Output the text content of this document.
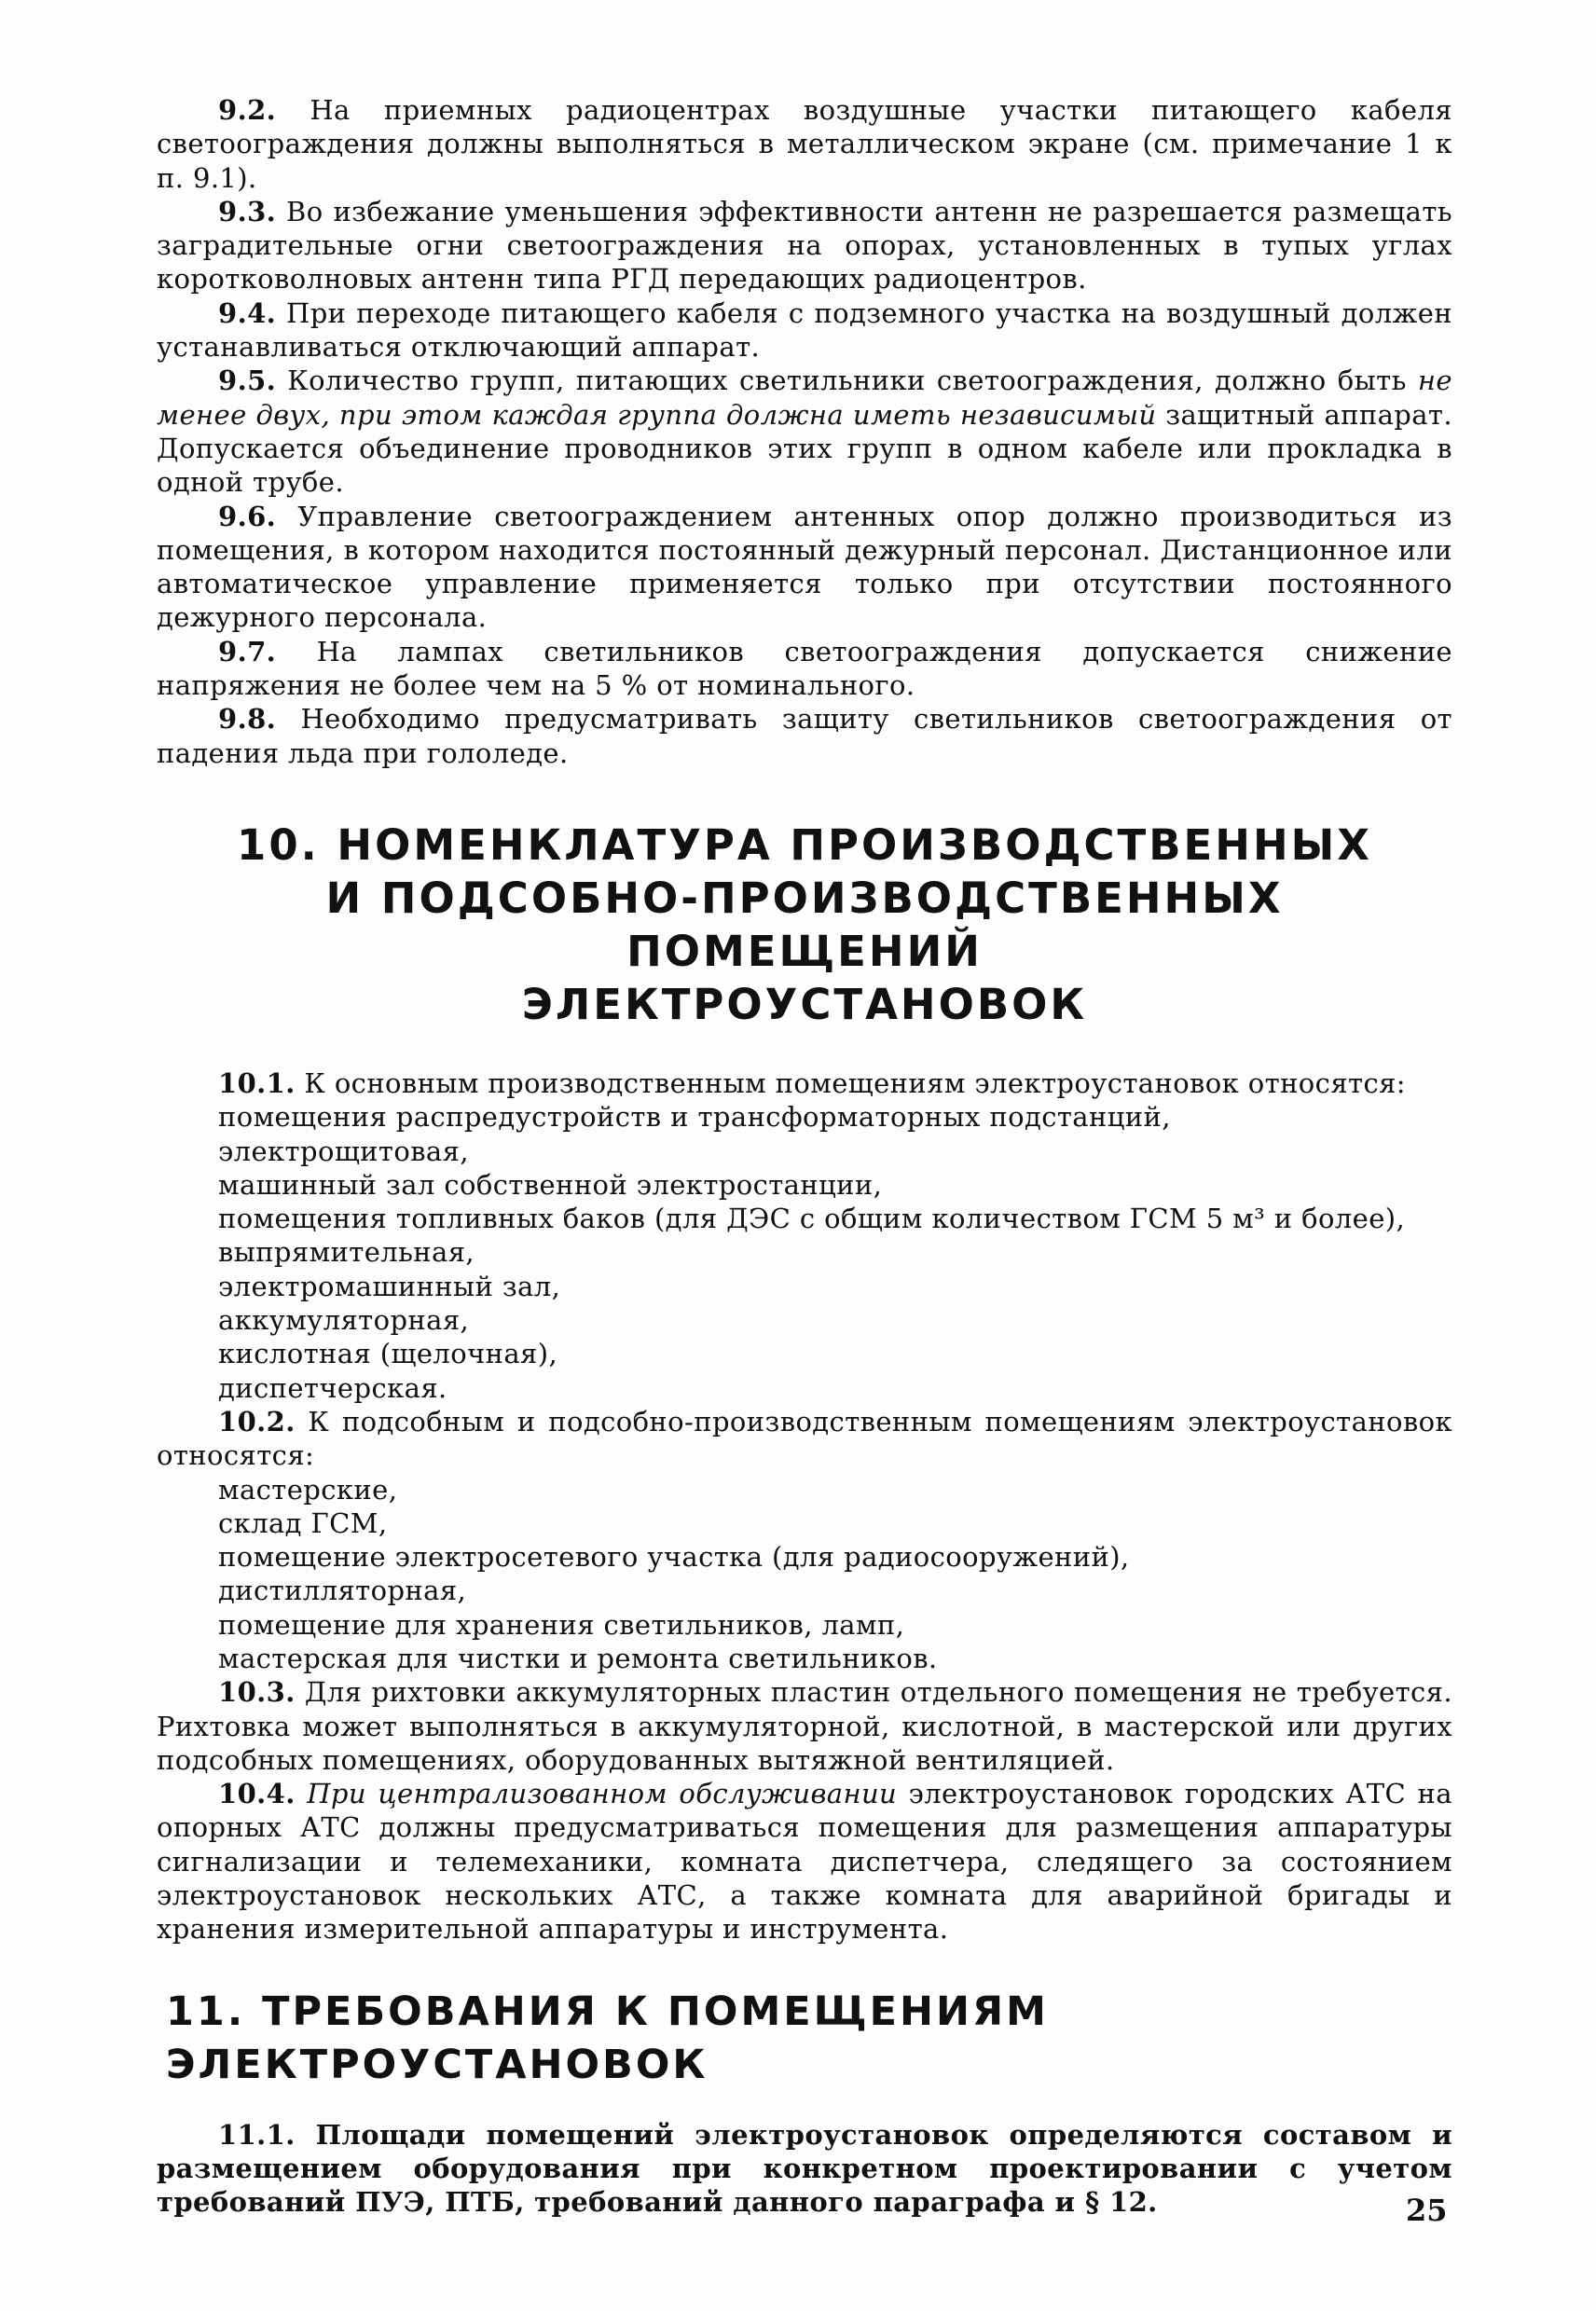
9.2. На приемных радиоцентрах воздушные участки питающего кабеля светоограждения должны выполняться в металлическом экране (см. примечание 1 к п. 9.1).

9.3. Во избежание уменьшения эффективности антенн не разрешается размещать заградительные огни светоограждения на опорах, установленных в тупых углах коротковолновых антенн типа РГД передающих радиоцентров.

9.4. При переходе питающего кабеля с подземного участка на воздушный должен устанавливаться отключающий аппарат.

9.5. Количество групп, питающих светильники светоограждения, должно быть не менее двух, при этом каждая группа должна иметь независимый защитный аппарат. Допускается объединение проводников этих групп в одном кабеле или прокладка в одной трубе.

9.6. Управление светоограждением антенных опор должно производиться из помещения, в котором находится постоянный дежурный персонал. Дистанционное или автоматическое управление применяется только при отсутствии постоянного дежурного персонала.

9.7. На лампах светильников светоограждения допускается снижение напряжения не более чем на 5 % от номинального.

9.8. Необходимо предусматривать защиту светильников светоограждения от падения льда при гололеде.

10. НОМЕНКЛАТУРА ПРОИЗВОДСТВЕННЫХ
И ПОДСОБНО-ПРОИЗВОДСТВЕННЫХ ПОМЕЩЕНИЙ
ЭЛЕКТРОУСТАНОВОК

10.1. К основным производственным помещениям электроустановок относятся:

помещения распредустройств и трансформаторных подстанций,

электрощитовая,

машинный зал собственной электростанции,

помещения топливных баков (для ДЭС с общим количеством ГСМ 5 м³ и более),

выпрямительная,

электромашинный зал,

аккумуляторная,

кислотная (щелочная),

диспетчерская.

10.2. К подсобным и подсобно-производственным помещениям электроустановок относятся:

мастерские,

склад ГСМ,

помещение электросетевого участка (для радиосооружений),

дистилляторная,

помещение для хранения светильников, ламп,

мастерская для чистки и ремонта светильников.

10.3. Для рихтовки аккумуляторных пластин отдельного помещения не требуется. Рихтовка может выполняться в аккумуляторной, кислотной, в мастерской или других подсобных помещениях, оборудованных вытяжной вентиляцией.

10.4. При централизованном обслуживании электроустановок городских АТС на опорных АТС должны предусматриваться помещения для размещения аппаратуры сигнализации и телемеханики, комната диспетчера, следящего за состоянием электроустановок нескольких АТС, а также комната для аварийной бригады и хранения измерительной аппаратуры и инструмента.

11. ТРЕБОВАНИЯ К ПОМЕЩЕНИЯМ ЭЛЕКТРОУСТАНОВОК

11.1. Площади помещений электроустановок определяются составом и размещением оборудования при конкретном проектировании с учетом требований ПУЭ, ПТБ, требований данного параграфа и § 12.	25
